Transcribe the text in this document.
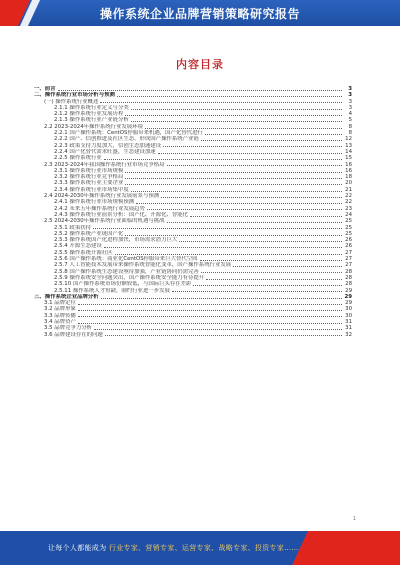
操作系统企业品牌营销策略研究报告
内容目录
一、前言	3
二、操作系统行业市场分析与预测	3
(一) 操作系统行业概述	3
2.1.1 操作系统行业定义与分类	3
2.1.2 操作系统行业发展历程	4
2.1.3 操作系统行业产业链分析	5
2.2 2023-2024年操作系统行业发展环境	8
2.2.1 国产操作系统：CentOS停服带来机遇，国产化替代进行	8
2.2.2 国产、信创推进及社区生态，形成国产操作系统产业链	12
2.2.3 政策支持力度加大，信创生态加速建设	13
2.2.4 国产化替代需求旺盛，生态建设加速	14
2.2.5 操作系统行业	15
2.3 2023-2024年我国操作系统行业市场竞争格局	16
2.3.1 操作系统行业市场规模	16
2.3.2 操作系统行业竞争格局	18
2.3.3 操作系统行业主要企业	20
2.3.4 操作系统行业市场集中度	21
2.4 2024-2030年操作系统行业发展前景与预测	22
2.4.1 操作系统行业市场规模预测	22
2.4.2 未来五年操作系统行业发展趋势	23
2.4.3 操作系统行业前景分析：国产化、开源化、智能化	24
2.5 2024-2030年操作系统行业面临的机遇与挑战	25
2.5.1 政策扶持	25
2.5.2 操作系统产业链国产化	25
2.5.3 操作系统国产化进程加快，市场需求潜力巨大	26
2.5.4 开源生态建设	26
2.5.5 操作系统开源社区	27
2.5.6 国产操作系统：商业化CentOS停服带来巨大替代空间	27
2.5.7 人工智能技术发展带来操作系统智能化变革，国产操作系统行业发展	27
2.5.8 国产操作系统生态建设亟待加强，产业链协同仍需完善	28
2.5.9 操作系统安全问题突出，国产操作系统安全能力有待提升	28
2.5.10 国产操作系统市场份额较低，与国际巨头存在差距	28
2.5.11 操作系统人才短缺，制约行业进一步发展	29
三、操作系统企业品牌分析	29
3.1 品牌定位	29
3.2 品牌形象	30
3.3 品牌传播	30
3.4 品牌资产	31
3.5 品牌竞争力分析	31
3.6 品牌建设存在的问题	32
1
让每个人都能成为 行业专家、营销专家、运营专家、战略专家、投资专家……
